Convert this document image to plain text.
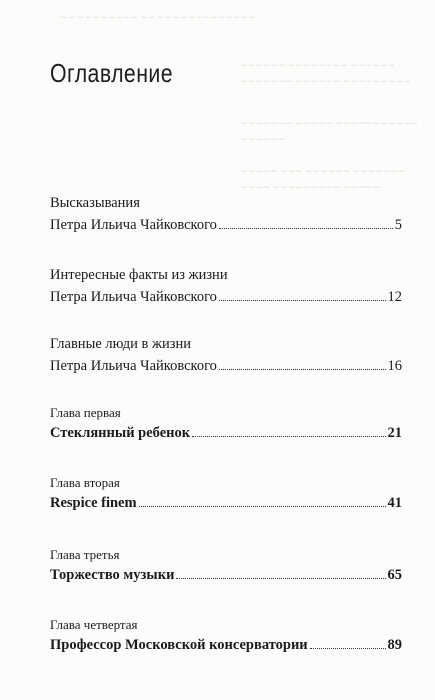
∼∼ ∼∼∼∼∼∼∼∼ ∼∼ ∼∼∼∼∼∼∼∼∼∼∼∼∼
∼∼∼∼∼∼ ∼∼∼∼∼∼∼∼ ∼∼∼∼∼∼
∼∼∼∼∼∼∼ ∼∼∼∼∼∼ ∼∼∼∼∼∼∼∼∼
∼∼∼∼∼∼∼ ∼∼∼∼∼ ∼∼∼∼∼∼∼∼∼∼∼
∼∼∼∼∼∼
∼∼∼∼∼ ∼∼∼ ∼∼∼∼∼∼ ∼∼∼∼∼∼∼
∼∼∼∼ ∼∼∼∼∼∼∼∼∼ ∼∼∼∼∼
Оглавление
Высказывания
Петра Ильича Чайковского	5
Интересные факты из жизни
Петра Ильича Чайковского	12
Главные люди в жизни
Петра Ильича Чайковского	16
Глава первая
Стеклянный ребенок	21
Глава вторая
Respice finem	41
Глава третья
Торжество музыки	65
Глава четвертая
Профессор Московской консерватории	89
